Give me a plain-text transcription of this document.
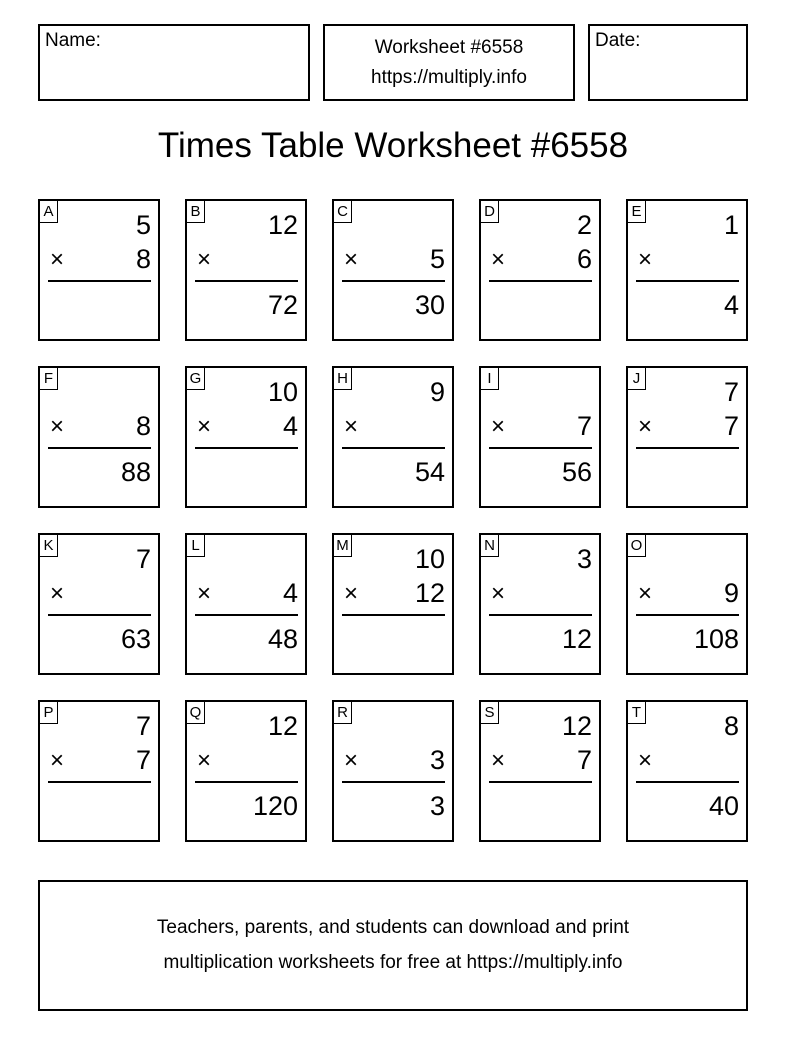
Name:	Worksheet #6558
https://multiply.info
Date:
Times Table Worksheet #6558
A	5
×	8
B 12
×
72
C
×	5
30
D	2
×	6
E	1
×
4
F
×	8
88
G 10
×	4
H	9
×
54
I
×	7
56
J	7
×	7
K	7
×
63
L
×	4
48
M 10
× 12
N	3
×
12
O
×	9
108
P	7
×	7
Q 12
×
120
R
×	3
3
S 12
×	7
T	8
×
40
Teachers, parents, and students can download and print
multiplication worksheets for free at https://multiply.info
